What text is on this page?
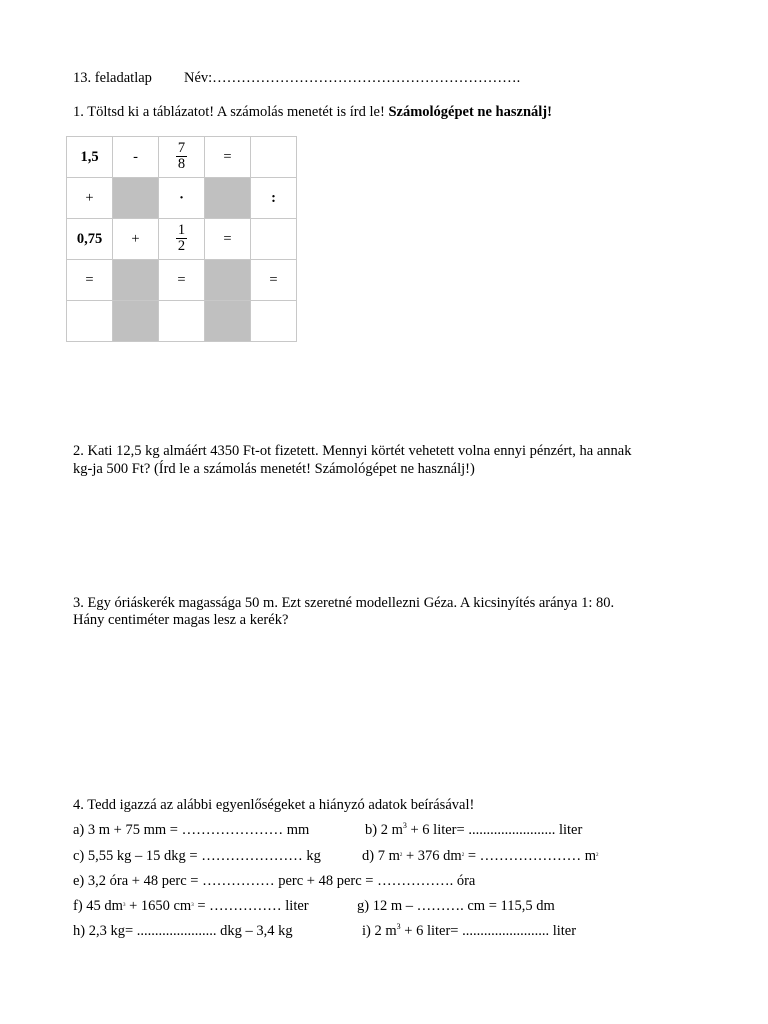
13. feladatlap Név:……………………………………………………….
1. Töltsd ki a táblázatot! A számolás menetét is írd le! Számológépet ne használj!
1,5	-	$\frac{7}{8}$	=	
+		·		:
0,75	+	$\frac{1}{2}$	=	
=		=		=

2. Kati 12,5 kg almáért 4350 Ft-ot fizetett. Mennyi körtét vehetett volna ennyi pénzért, ha annak
kg-ja 500 Ft? (Írd le a számolás menetét! Számológépet ne használj!)
3. Egy óriáskerék magassága 50 m. Ezt szeretné modellezni Géza. A kicsinyítés aránya 1: 80.
Hány centiméter magas lesz a kerék?
4. Tedd igazzá az alábbi egyenlőségeket a hiányzó adatok beírásával!
a) 3 m + 75 mm = ………………… mm	b) 2 $m^3 + 6$ liter= ........................ liter
c) 5,55 kg – 15 dkg = ………………… kg	d) 7 $m^2 + 376$ $dm^2$ = ………………… $m^2$
e) 3,2 óra + 48 perc = …………… perc + 48 perc = ……………. óra
f) 45 $dm^3 + 1650$ $cm^3$ = …………… liter	g) 12 m – ………. cm = 115,5 dm
h) 2,3 kg= ...................... dkg – 3,4 kg	i) 2 $m^3 + 6$ liter= ........................ liter
